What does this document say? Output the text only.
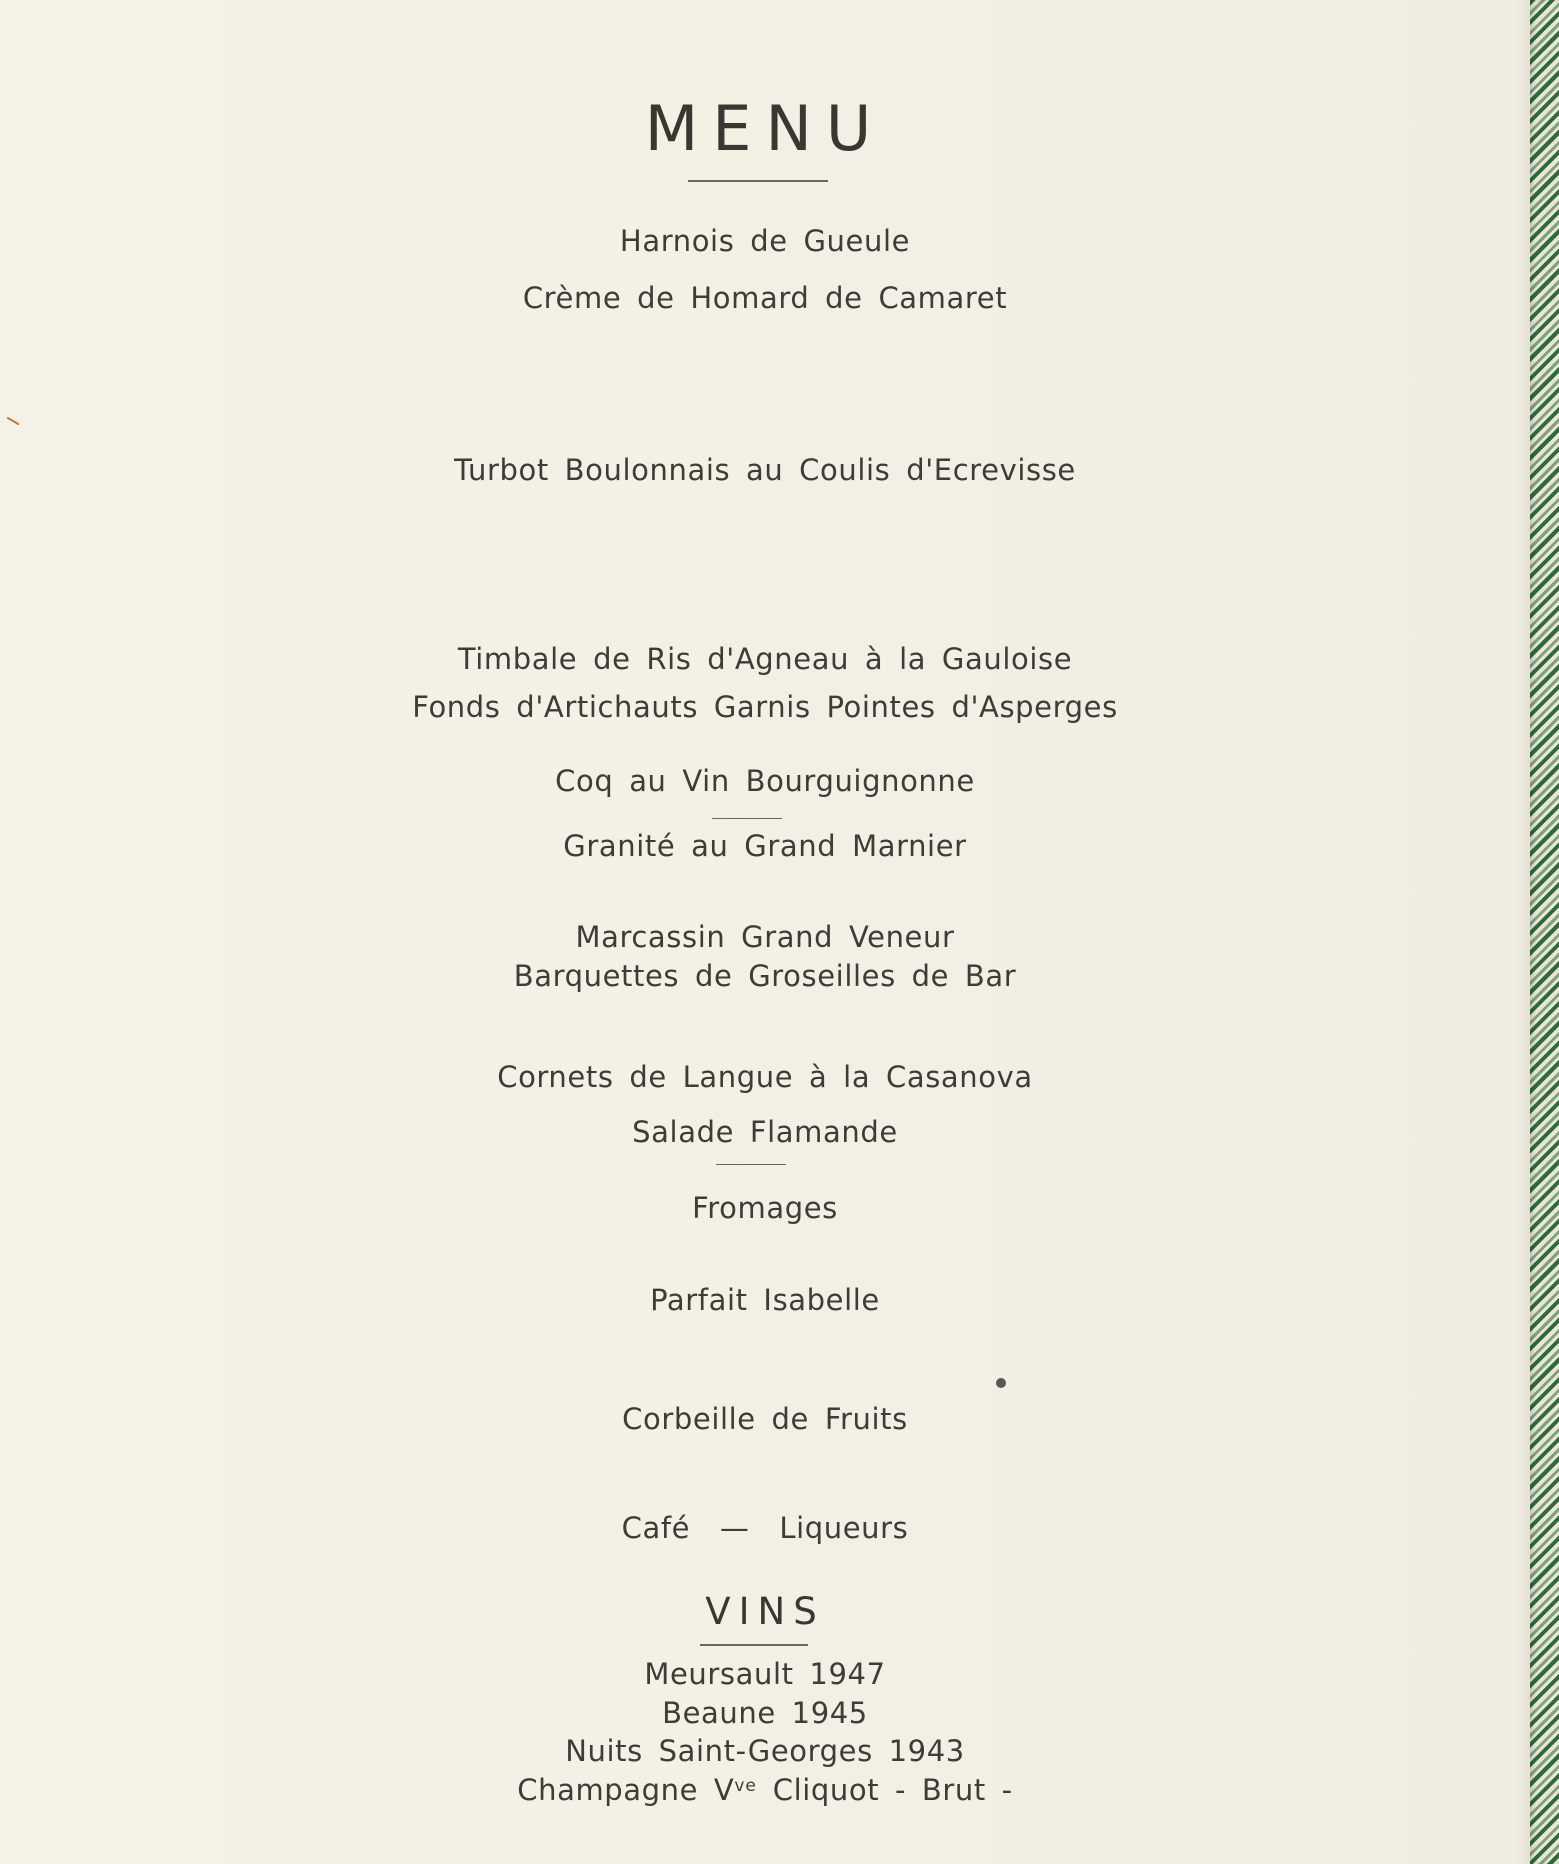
MENU
Harnois de Gueule
Crème de Homard de Camaret
Turbot Boulonnais au Coulis d'Ecrevisse
Timbale de Ris d'Agneau à la Gauloise
Fonds d'Artichauts Garnis Pointes d'Asperges
Coq au Vin Bourguignonne
Granité au Grand Marnier
Marcassin Grand Veneur
Barquettes de Groseilles de Bar
Cornets de Langue à la Casanova
Salade Flamande
Fromages
Parfait Isabelle
Corbeille de Fruits
Café — Liqueurs
VINS
Meursault 1947
Beaune 1945
Nuits Saint-Georges 1943
Champagne $V^{ve}$ Cliquot - Brut -
